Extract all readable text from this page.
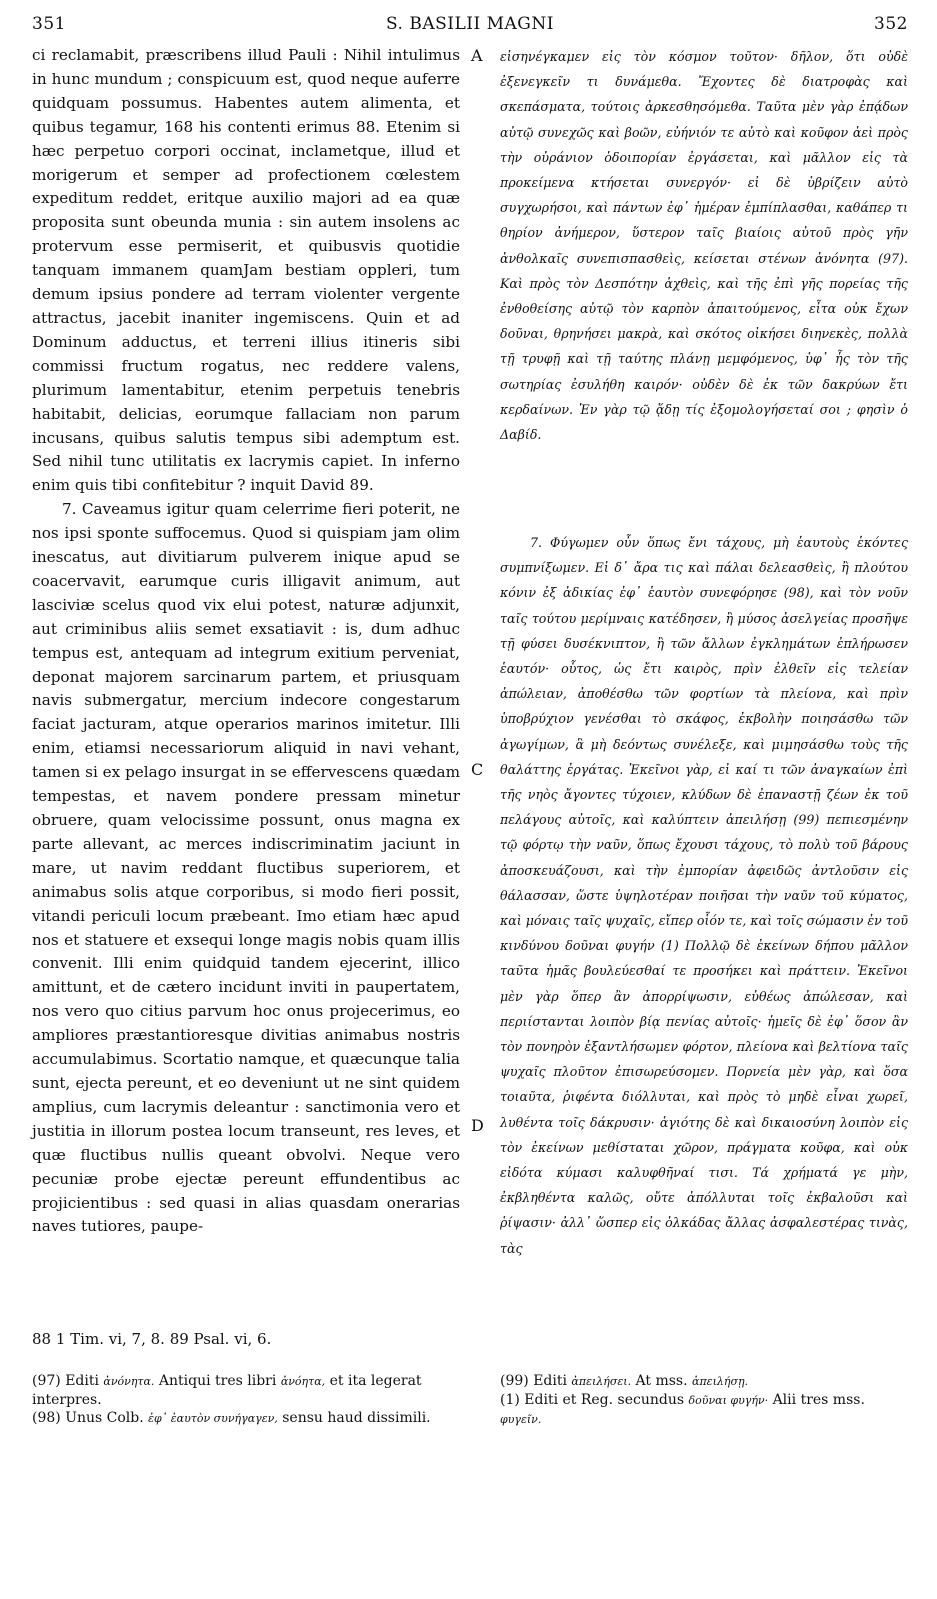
351	S. BASILII MAGNI	352

ci reclamabit, præscribens illud Pauli : Nihil intulimus in hunc mundum ; conspicuum est, quod neque auferre quidquam possumus. Habentes autem alimenta, et quibus tegamur, 168 his contenti erimus 88. Etenim si hæc perpetuo corpori occinat, inclametque, illud et morigerum et semper ad profectionem cœlestem expeditum reddet, eritque auxilio majori ad ea quæ proposita sunt obeunda munia : sin autem insolens ac protervum esse permiserit, et quibusvis quotidie tanquam immanem quamJam bestiam oppleri, tum demum ipsius pondere ad terram violenter vergente attractus, jacebit inaniter ingemiscens. Quin et ad Dominum adductus, et terreni illius itineris sibi commissi fructum rogatus, nec reddere valens, plurimum lamentabitur, etenim perpetuis tenebris habitabit, delicias, eorumque fallaciam non parum incusans, quibus salutis tempus sibi ademptum est. Sed nihil tunc utilitatis ex lacrymis capiet. In inferno enim quis tibi confitebitur ? inquit David 89.

7. Caveamus igitur quam celerrime fieri poterit, ne nos ipsi sponte suffocemus. Quod si quispiam jam olim inescatus, aut divitiarum pulverem inique apud se coacervavit, earumque curis illigavit animum, aut lasciviæ scelus quod vix elui potest, naturæ adjunxit, aut criminibus aliis semet exsatiavit : is, dum adhuc tempus est, antequam ad integrum exitium perveniat, deponat majorem sarcinarum partem, et priusquam navis submergatur, mercium indecore congestarum faciat jacturam, atque operarios marinos imitetur. Illi enim, etiamsi necessariorum aliquid in navi vehant, tamen si ex pelago insurgat in se effervescens quædam tempestas, et navem pondere pressam minetur obruere, quam velocissime possunt, onus magna ex parte allevant, ac merces indiscriminatim jaciunt in mare, ut navim reddant fluctibus superiorem, et animabus solis atque corporibus, si modo fieri possit, vitandi periculi locum præbeant. Imo etiam hæc apud nos et statuere et exsequi longe magis nobis quam illis convenit. Illi enim quidquid tandem ejecerint, illico amittunt, et de cætero incidunt inviti in paupertatem, nos vero quo citius parvum hoc onus projecerimus, eo ampliores præstantioresque divitias animabus nostris accumulabimus. Scortatio namque, et quæcunque talia sunt, ejecta pereunt, et eo deveniunt ut ne sint quidem amplius, cum lacrymis deleantur : sanctimonia vero et justitia in illorum postea locum transeunt, res leves, et quæ fluctibus nullis queant obvolvi. Neque vero pecuniæ probe ejectæ pereunt effundentibus ac projicientibus : sed quasi in alias quasdam onerarias naves tutiores, paupe-

A
C
D

εἰσηνέγκαμεν εἰς τὸν κόσμον τοῦτον· δῆλον, ὅτι οὐδὲ ἐξενεγκεῖν τι δυνάμεθα. Ἔχοντες δὲ διατροφὰς καὶ σκεπάσματα, τούτοις ἀρκεσθησόμεθα. Ταῦτα μὲν γὰρ ἐπᾴδων αὐτῷ συνεχῶς καὶ βοῶν, εὐήνιόν τε αὐτὸ καὶ κοῦφον ἀεὶ πρὸς τὴν οὐράνιον ὁδοιπορίαν ἐργάσεται, καὶ μᾶλλον εἰς τὰ προκείμενα κτήσεται συνεργόν· εἰ δὲ ὑβρίζειν αὐτὸ συγχωρήσοι, καὶ πάντων ἐφ᾽ ἡμέραν ἐμπίπλασθαι, καθάπερ τι θηρίον ἀνήμερον, ὕστερον ταῖς βιαίοις αὐτοῦ πρὸς γῆν ἀνθολκαῖς συνεπισπασθεὶς, κείσεται στένων ἀνόνητα (97). Καὶ πρὸς τὸν Δεσπότην ἀχθεὶς, καὶ τῆς ἐπὶ γῆς πορείας τῆς ἐνθοθείσης αὐτῷ τὸν καρπὸν ἀπαιτούμενος, εἶτα οὐκ ἔχων δοῦναι, θρηνήσει μακρὰ, καὶ σκότος οἰκήσει διηνεκὲς, πολλὰ τῇ τρυφῇ καὶ τῇ ταύτης πλάνῃ μεμφόμενος, ὑφ᾽ ἧς τὸν τῆς σωτηρίας ἐσυλήθη καιρόν· οὐδὲν δὲ ἐκ τῶν δακρύων ἔτι κερδαίνων. Ἐν γὰρ τῷ ᾅδῃ τίς ἐξομολογήσεταί σοι ; φησὶν ὁ Δαβίδ.

7. Φύγωμεν οὖν ὅπως ἔνι τάχους, μὴ ἑαυτοὺς ἑκόντες συμπνίξωμεν. Εἰ δ᾽ ἄρα τις καὶ πάλαι δελεασθεὶς, ἢ πλούτου κόνιν ἐξ ἀδικίας ἐφ᾽ ἑαυτὸν συνεφόρησε (98), καὶ τὸν νοῦν ταῖς τούτου μερίμναις κατέδησεν, ἢ μύσος ἀσελγείας προσῆψε τῇ φύσει δυσέκνιπτον, ἢ τῶν ἄλλων ἐγκλημάτων ἐπλήρωσεν ἑαυτόν· οὗτος, ὡς ἔτι καιρὸς, πρὶν ἐλθεῖν εἰς τελείαν ἀπώλειαν, ἀποθέσθω τῶν φορτίων τὰ πλείονα, καὶ πρὶν ὑποβρύχιον γενέσθαι τὸ σκάφος, ἐκβολὴν ποιησάσθω τῶν ἀγωγίμων, ἃ μὴ δεόντως συνέλεξε, καὶ μιμησάσθω τοὺς τῆς θαλάττης ἐργάτας. Ἐκεῖνοι γὰρ, εἰ καί τι τῶν ἀναγκαίων ἐπὶ τῆς νηὸς ἄγοντες τύχοιεν, κλύδων δὲ ἐπαναστῇ ζέων ἐκ τοῦ πελάγους αὐτοῖς, καὶ καλύπτειν ἀπειλήσῃ (99) πεπιεσμένην τῷ φόρτῳ τὴν ναῦν, ὅπως ἔχουσι τάχους, τὸ πολὺ τοῦ βάρους ἀποσκευάζουσι, καὶ τὴν ἐμπορίαν ἀφειδῶς ἀντλοῦσιν εἰς θάλασσαν, ὥστε ὑψηλοτέραν ποιῆσαι τὴν ναῦν τοῦ κύματος, καὶ μόναις ταῖς ψυχαῖς, εἴπερ οἷόν τε, καὶ τοῖς σώμασιν ἐν τοῦ κινδύνου δοῦναι φυγήν (1) Πολλῷ δὲ ἐκείνων δήπου μᾶλλον ταῦτα ἡμᾶς βουλεύεσθαί τε προσήκει καὶ πράττειν. Ἐκεῖνοι μὲν γὰρ ὅπερ ἂν ἀπορρίψωσιν, εὐθέως ἀπώλεσαν, καὶ περιίστανται λοιπὸν βίᾳ πενίας αὐτοῖς· ἡμεῖς δὲ ἐφ᾽ ὅσον ἂν τὸν πονηρὸν ἐξαντλήσωμεν φόρτον, πλείονα καὶ βελτίονα ταῖς ψυχαῖς πλοῦτον ἐπισωρεύσομεν. Πορνεία μὲν γὰρ, καὶ ὅσα τοιαῦτα, ῥιφέντα διόλλυται, καὶ πρὸς τὸ μηδὲ εἶναι χωρεῖ, λυθέντα τοῖς δάκρυσιν· ἁγιότης δὲ καὶ δικαιοσύνη λοιπὸν εἰς τὸν ἐκείνων μεθίσταται χῶρον, πράγματα κοῦφα, καὶ οὐκ εἰδότα κύμασι καλυφθῆναί τισι. Τά χρήματά γε μὴν, ἐκβληθέντα καλῶς, οὔτε ἀπόλλυται τοῖς ἐκβαλοῦσι καὶ ῥίψασιν· ἀλλ᾽ ὥσπερ εἰς ὁλκάδας ἄλλας ἀσφαλεστέρας τινὰς, τὰς

88 1 Tim. vi, 7, 8. 89 Psal. vi, 6.

(97) Editi ἀνόνητα. Antiqui tres libri ἀνόητα, et ita legerat interpres.

(98) Unus Colb. ἐφ᾽ ἑαυτὸν συνήγαγεν, sensu haud dissimili.

(99) Editi ἀπειλήσει. At mss. ἀπειλήσῃ.

(1) Editi et Reg. secundus δοῦναι φυγήν· Alii tres mss. φυγεῖν.
